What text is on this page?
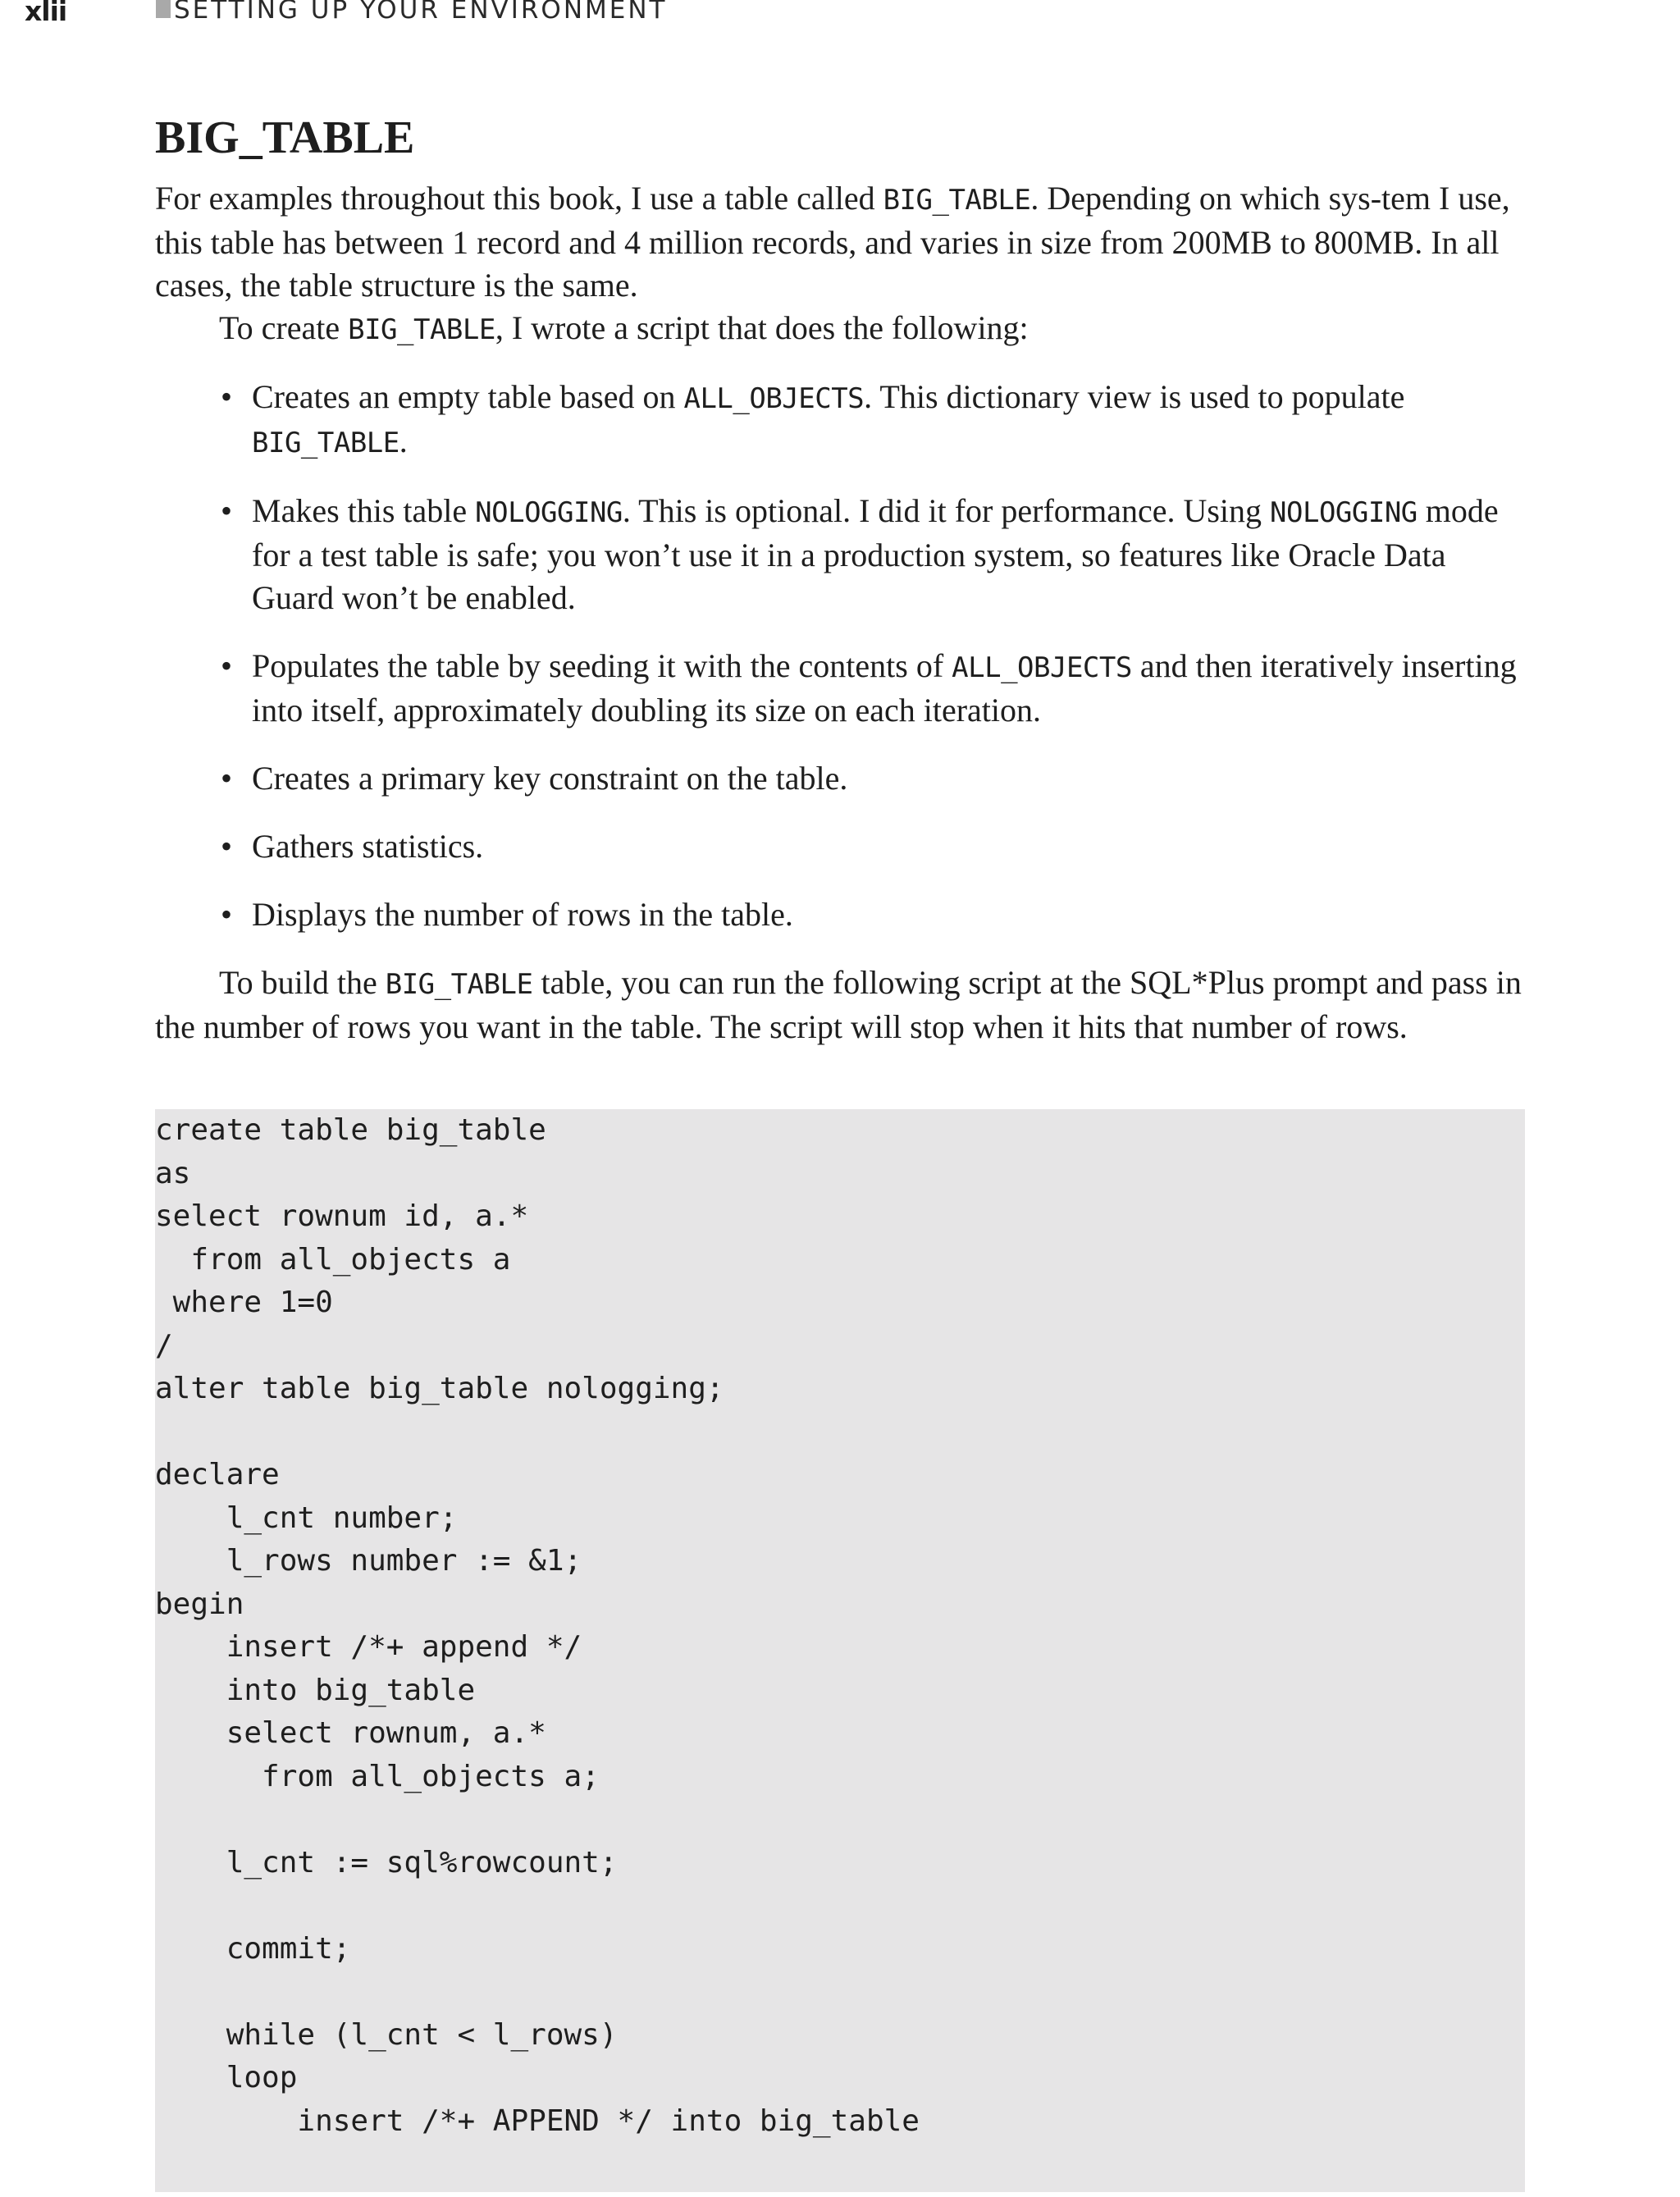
xlii	SETTING UP YOUR ENVIRONMENT
BIG_TABLE

For examples throughout this book, I use a table called BIG_TABLE. Depending on which sys-tem I use, this table has between 1 record and 4 million records, and varies in size from 200MB to 800MB. In all cases, the table structure is the same.

To create BIG_TABLE, I wrote a script that does the following:

• Creates an empty table based on ALL_OBJECTS. This dictionary view is used to populate BIG_TABLE.
• Makes this table NOLOGGING. This is optional. I did it for performance. Using NOLOGGING mode for a test table is safe; you won’t use it in a production system, so features like Oracle Data Guard won’t be enabled.
• Populates the table by seeding it with the contents of ALL_OBJECTS and then iteratively inserting into itself, approximately doubling its size on each iteration.
• Creates a primary key constraint on the table.
• Gathers statistics.
• Displays the number of rows in the table.

To build the BIG_TABLE table, you can run the following script at the SQL*Plus prompt and pass in the number of rows you want in the table. The script will stop when it hits that number of rows.

create table big_table
as
select rownum id, a.*
from all_objects a
where 1=0
/
alter table big_table nologging;
declare
l_cnt number;
l_rows number := &1;
begin
insert /*+ append */
into big_table
select rownum, a.*
from all_objects a;
l_cnt := sql%rowcount;
commit;
while (l_cnt < l_rows)
loop
insert /*+ APPEND */ into big_table
